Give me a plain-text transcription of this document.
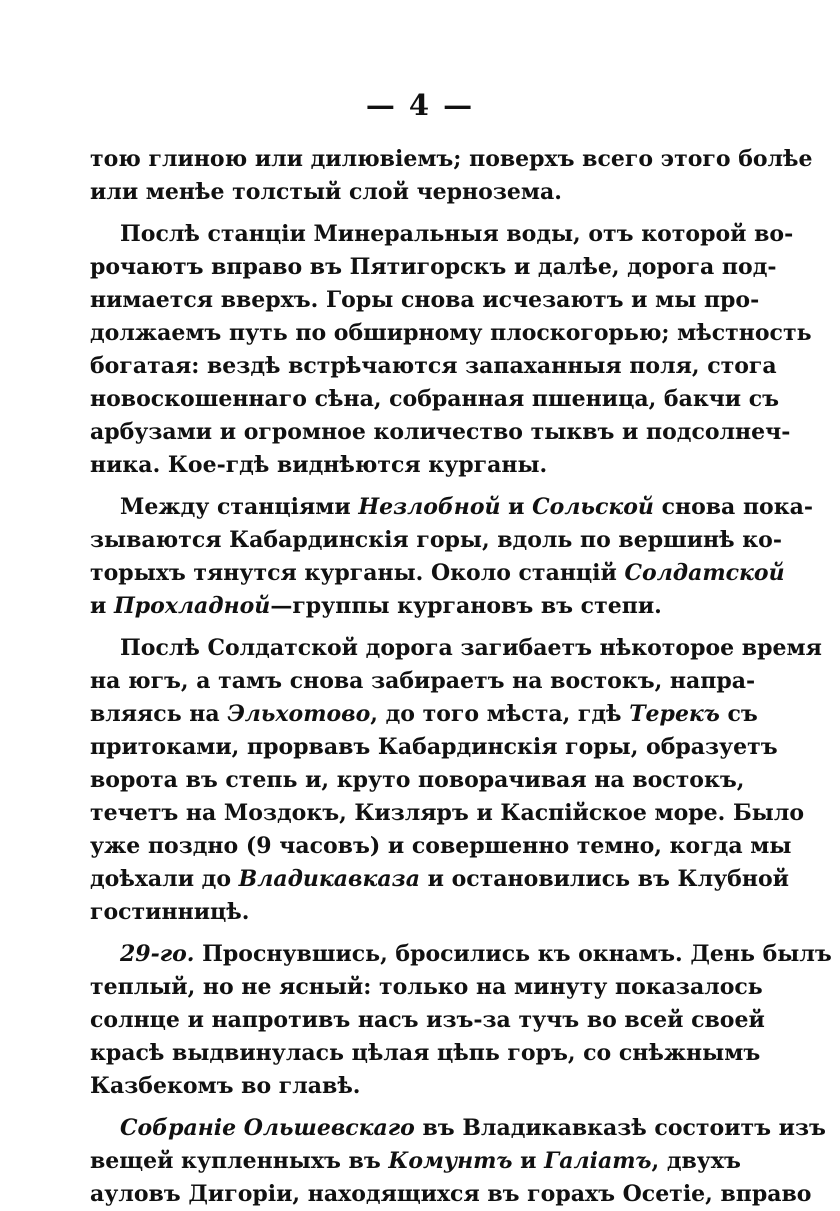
— 4 —
тою глиною или дилювіемъ; поверхъ всего этого болѣе
или менѣе толстый слой чернозема.
Послѣ станціи Минеральныя воды, отъ которой во-
рочаютъ вправо въ Пятигорскъ и далѣе, дорога под-
нимается вверхъ. Горы снова исчезаютъ и мы про-
должаемъ путь по обширному плоскогорью; мѣстность
богатая: вездѣ встрѣчаются запаханныя поля, стога
новоскошеннаго сѣна, собранная пшеница, бакчи съ
арбузами и огромное количество тыквъ и подсолнеч-
ника. Кое-гдѣ виднѣются курганы.
Между станціями Незлобной и Сольской снова пока-
зываются Кабардинскія горы, вдоль по вершинѣ ко-
торыхъ тянутся курганы. Около станцій Солдатской
и Прохладной—группы кургановъ въ степи.
Послѣ Солдатской дорога загибаетъ нѣкоторое время
на югъ, а тамъ снова забираетъ на востокъ, напра-
вляясь на Эльхотово, до того мѣста, гдѣ Терекъ съ
притоками, прорвавъ Кабардинскія горы, образуетъ
ворота въ степь и, круто поворачивая на востокъ,
течетъ на Моздокъ, Кизляръ и Каспійское море. Было
уже поздно (9 часовъ) и совершенно темно, когда мы
доѣхали до Владикавказа и остановились въ Клубной
гостинницѣ.
29-го. Проснувшись, бросились къ окнамъ. День былъ
теплый, но не ясный: только на минуту показалось
солнце и напротивъ насъ изъ-за тучъ во всей своей
красѣ выдвинулась цѣлая цѣпь горъ, со снѣжнымъ
Казбекомъ во главѣ.
Собраніе Ольшевскаго въ Владикавказѣ состоитъ изъ
вещей купленныхъ въ Комунтъ и Галіатъ, двухъ
ауловъ Дигоріи, находящихся въ горахъ Осетіе, вправо
